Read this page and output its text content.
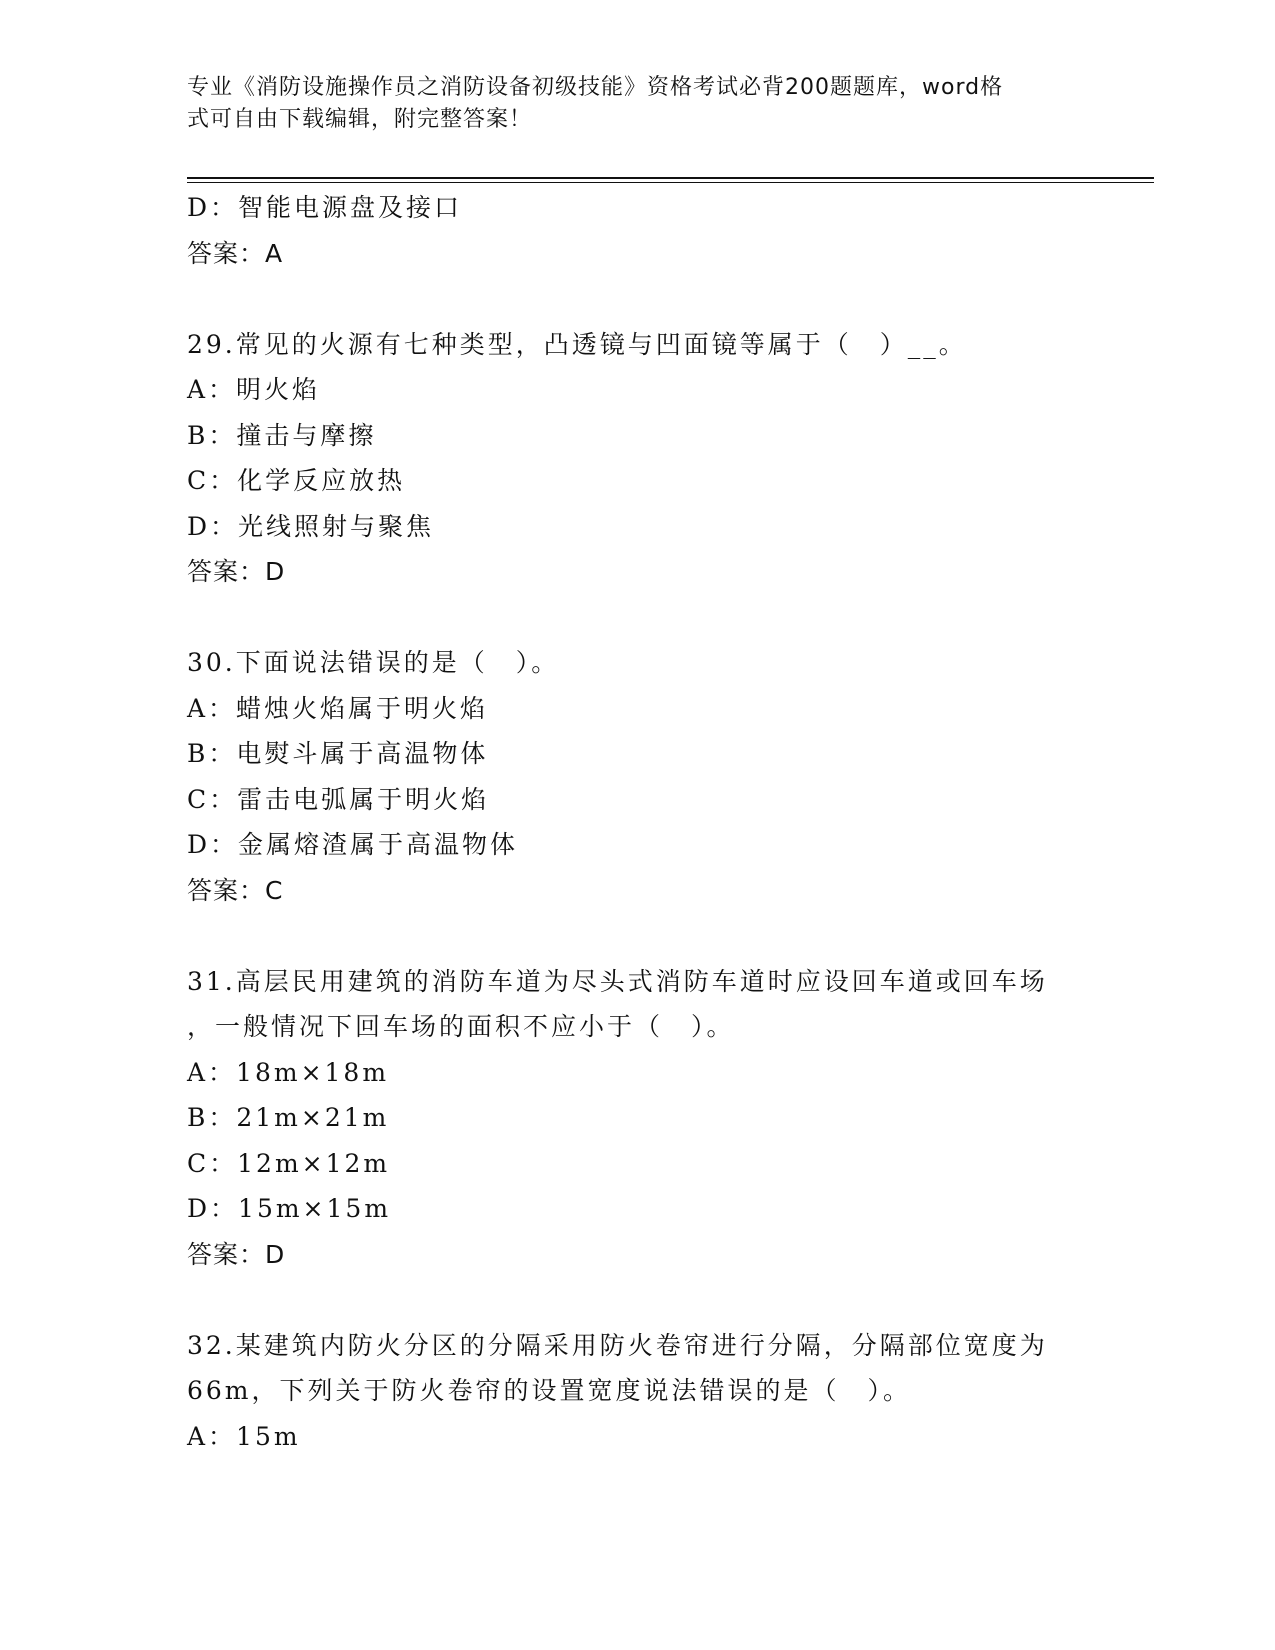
专业《消防设施操作员之消防设备初级技能》资格考试必背200题题库，word格
式可自由下载编辑，附完整答案！
D：智能电源盘及接口
答案：A
29.常见的火源有七种类型，凸透镜与凹面镜等属于（　）__。
A：明火焰
B：撞击与摩擦
C：化学反应放热
D：光线照射与聚焦
答案：D
30.下面说法错误的是（　）。
A：蜡烛火焰属于明火焰
B：电熨斗属于高温物体
C：雷击电弧属于明火焰
D：金属熔渣属于高温物体
答案：C
31.高层民用建筑的消防车道为尽头式消防车道时应设回车道或回车场
，一般情况下回车场的面积不应小于（　）。
A：18m×18m
B：21m×21m
C：12m×12m
D：15m×15m
答案：D
32.某建筑内防火分区的分隔采用防火卷帘进行分隔，分隔部位宽度为
66m，下列关于防火卷帘的设置宽度说法错误的是（　）。
A：15m
